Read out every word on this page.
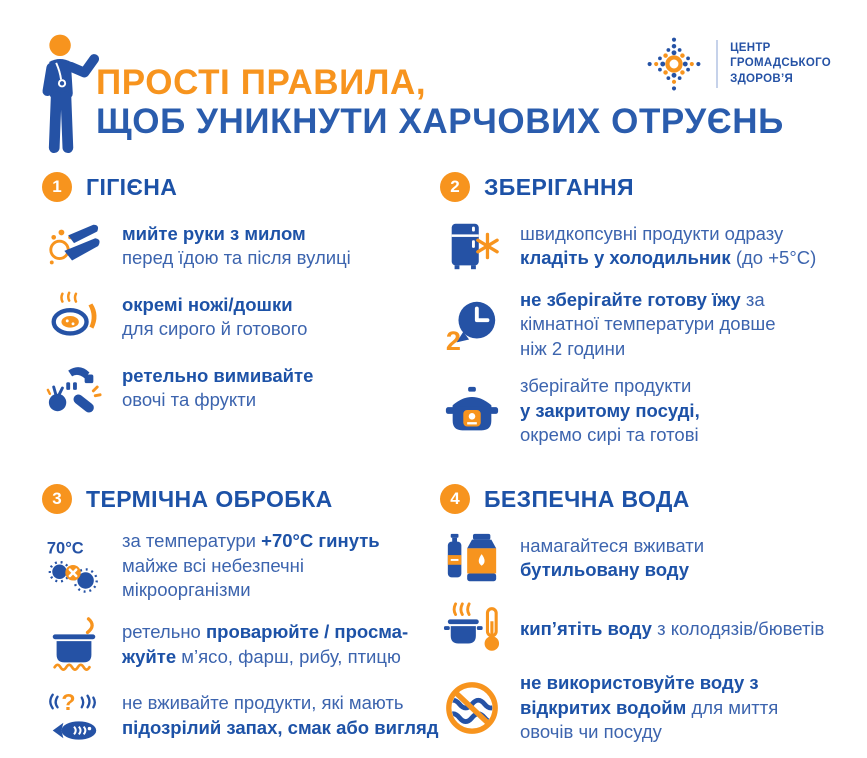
ПРОСТІ ПРАВИЛА,
ЩОБ УНИКНУТИ ХАРЧОВИХ ОТРУЄНЬ
ЦЕНТР
ГРОМАДСЬКОГО
ЗДОРОВ’Я
1	ГІГІЄНА
мийте руки з милом
перед їдою та після вулиці
окремі ножі/дошки
для сирого й готового
ретельно вимивайте
овочі та фрукти
2	ЗБЕРІГАННЯ
швидкопсувні продукти одразу
кладіть у холодильник (до +5°С)
2
не зберігайте готову їжу за
кімнатної температури довше
ніж 2 години
зберігайте продукти
у закритому посуді,
окремо сирі та готові
3	ТЕРМІЧНА ОБРОБКА
70°C за температури +70°С гинуть
майже всі небезпечні
мікроорганізми
ретельно проварюйте / просма-
жуйте м’ясо, фарш, рибу, птицю
?	не вживайте продукти, які мають
підозрілий запах, смак або вигляд
4	БЕЗПЕЧНА ВОДА
намагайтеся вживати
бутильовану воду
кип’ятіть воду з колодязів/бюветів
не використовуйте воду з
відкритих водойм для миття
овочів чи посуду
